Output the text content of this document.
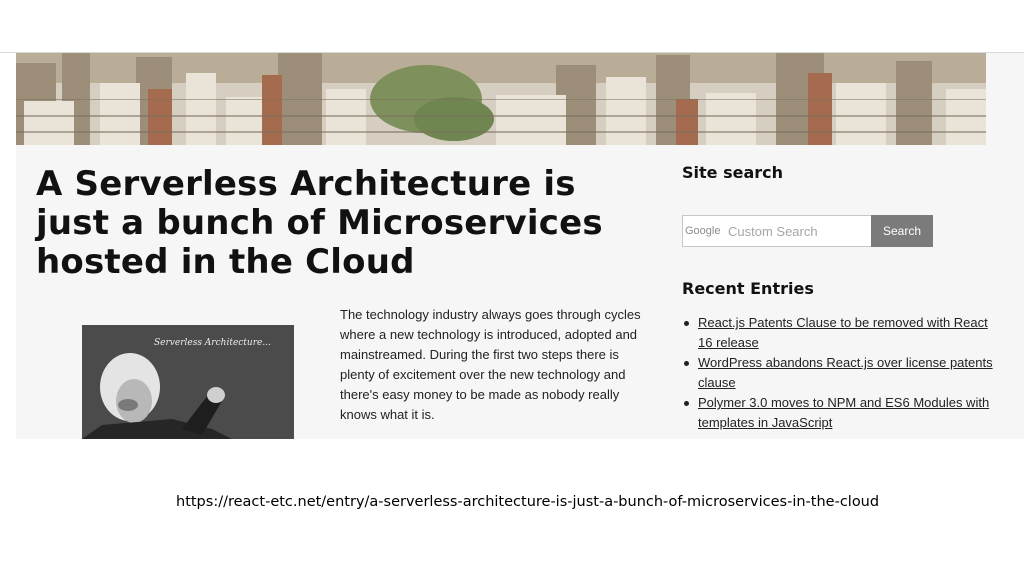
A Serverless Architecture is just a bunch of Microservices hosted in the Cloud
Serverless Architecture...

The technology industry always goes through cycles where a new technology is introduced, adopted and mainstreamed. During the first two steps there is plenty of excitement over the new technology and there's easy money to be made as nobody really knows what it is.

Site search
Google Custom Search	Search
Recent Entries
React.js Patents Clause to be removed with React 16 release
WordPress abandons React.js over license patents clause
Polymer 3.0 moves to NPM and ES6 Modules with templates in JavaScript

https://react-etc.net/entry/a-serverless-architecture-is-just-a-bunch-of-microservices-in-the-cloud
